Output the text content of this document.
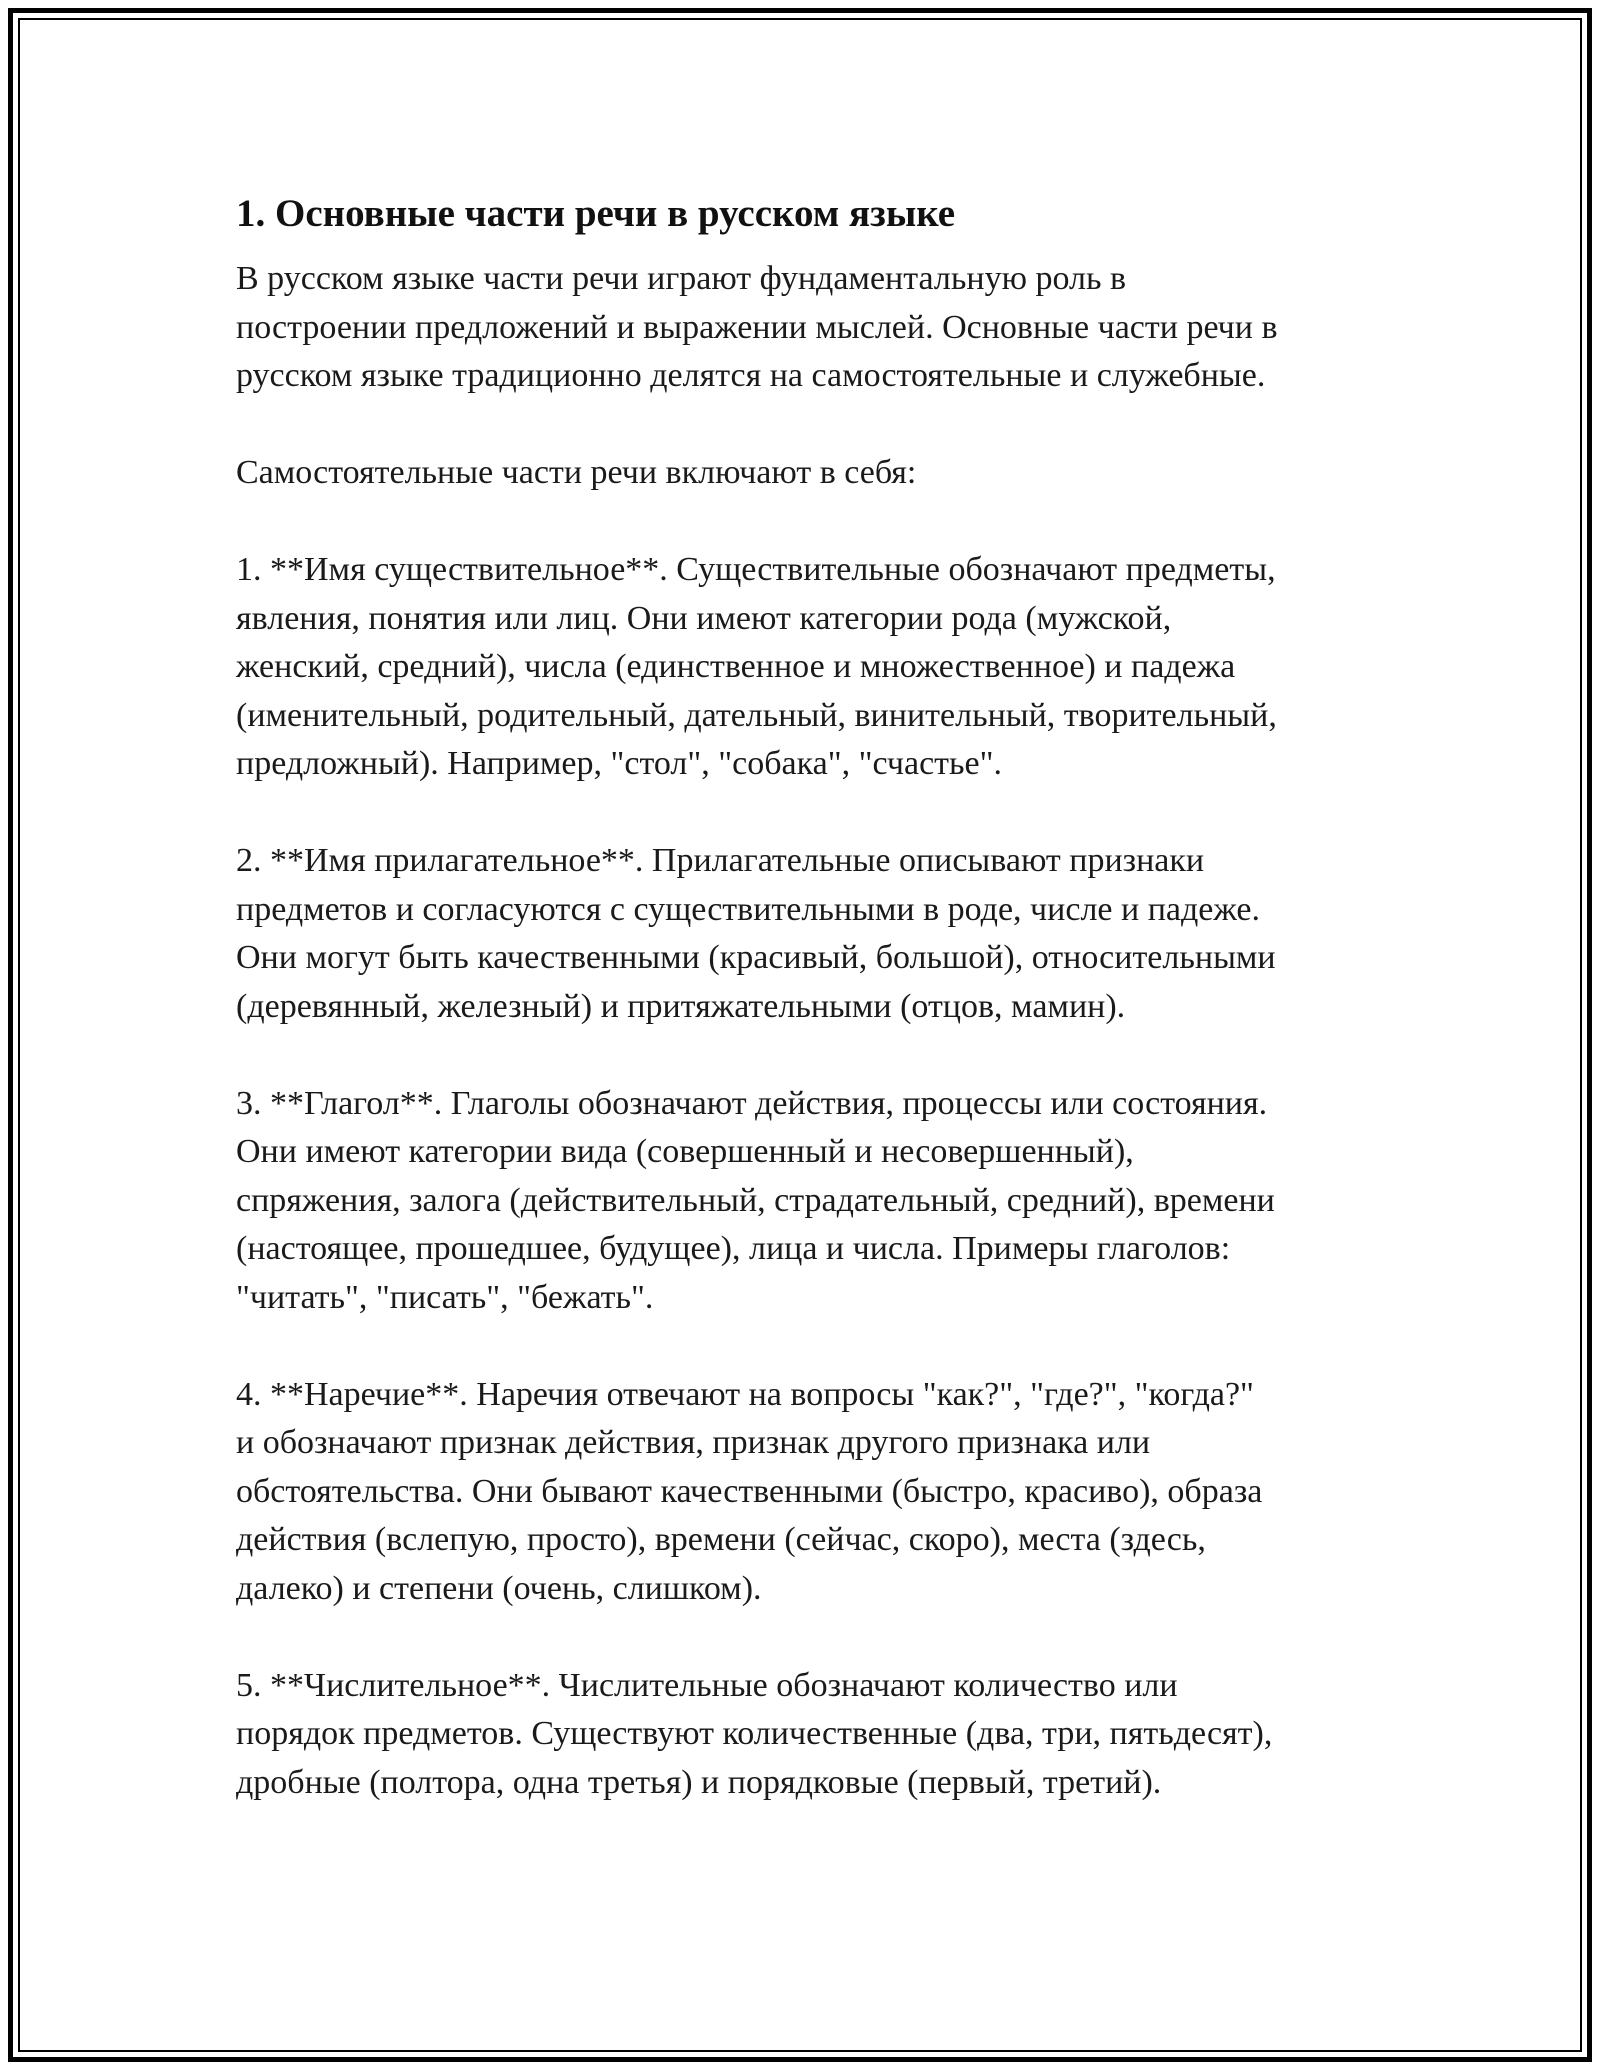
1. Основные части речи в русском языке

В русском языке части речи играют фундаментальную роль в
построении предложений и выражении мыслей. Основные части речи в
русском языке традиционно делятся на самостоятельные и служебные.

Самостоятельные части речи включают в себя:

1. **Имя существительное**. Существительные обозначают предметы,
явления, понятия или лиц. Они имеют категории рода (мужской,
женский, средний), числа (единственное и множественное) и падежа
(именительный, родительный, дательный, винительный, творительный,
предложный). Например, "стол", "собака", "счастье".

2. **Имя прилагательное**. Прилагательные описывают признаки
предметов и согласуются с существительными в роде, числе и падеже.
Они могут быть качественными (красивый, большой), относительными
(деревянный, железный) и притяжательными (отцов, мамин).

3. **Глагол**. Глаголы обозначают действия, процессы или состояния.
Они имеют категории вида (совершенный и несовершенный),
спряжения, залога (действительный, страдательный, средний), времени
(настоящее, прошедшее, будущее), лица и числа. Примеры глаголов:
"читать", "писать", "бежать".

4. **Наречие**. Наречия отвечают на вопросы "как?", "где?", "когда?"
и обозначают признак действия, признак другого признака или
обстоятельства. Они бывают качественными (быстро, красиво), образа
действия (вслепую, просто), времени (сейчас, скоро), места (здесь,
далеко) и степени (очень, слишком).

5. **Числительное**. Числительные обозначают количество или
порядок предметов. Существуют количественные (два, три, пятьдесят),
дробные (полтора, одна третья) и порядковые (первый, третий).
